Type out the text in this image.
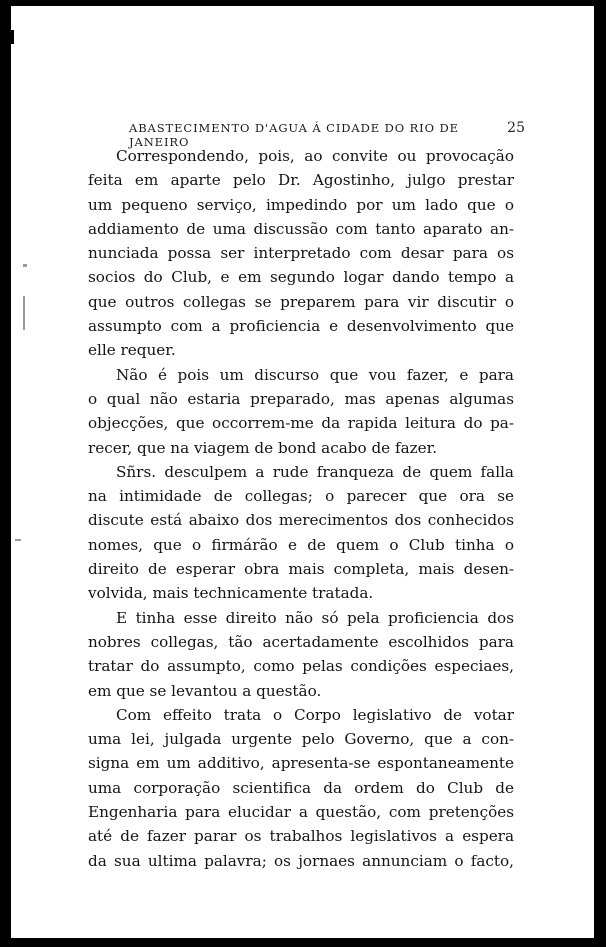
ABASTECIMENTO D'AGUA Á CIDADE DO RIO DE JANEIRO
25
Correspondendo, pois, ao convite ou provocação
feita em aparte pelo Dr. Agostinho, julgo prestar
um pequeno serviço, impedindo por um lado que o
addiamento de uma discussão com tanto aparato an-
nunciada possa ser interpretado com desar para os
socios do Club, e em segundo logar dando tempo a
que outros collegas se preparem para vir discutir o
assumpto com a proficiencia e desenvolvimento que
elle requer.
Não é pois um discurso que vou fazer, e para
o qual não estaria preparado, mas apenas algumas
objecções, que occorrem-me da rapida leitura do pa-
recer, que na viagem de bond acabo de fazer.
Sñrs. desculpem a rude franqueza de quem falla
na intimidade de collegas; o parecer que ora se
discute está abaixo dos merecimentos dos conhecidos
nomes, que o firmárão e de quem o Club tinha o
direito de esperar obra mais completa, mais desen-
volvida, mais technicamente tratada.
E tinha esse direito não só pela proficiencia dos
nobres collegas, tão acertadamente escolhidos para
tratar do assumpto, como pelas condições especiaes,
em que se levantou a questão.
Com effeito trata o Corpo legislativo de votar
uma lei, julgada urgente pelo Governo, que a con-
signa em um additivo, apresenta-se espontaneamente
uma corporação scientifica da ordem do Club de
Engenharia para elucidar a questão, com pretenções
até de fazer parar os trabalhos legislativos a espera
da sua ultima palavra; os jornaes annunciam o facto,
